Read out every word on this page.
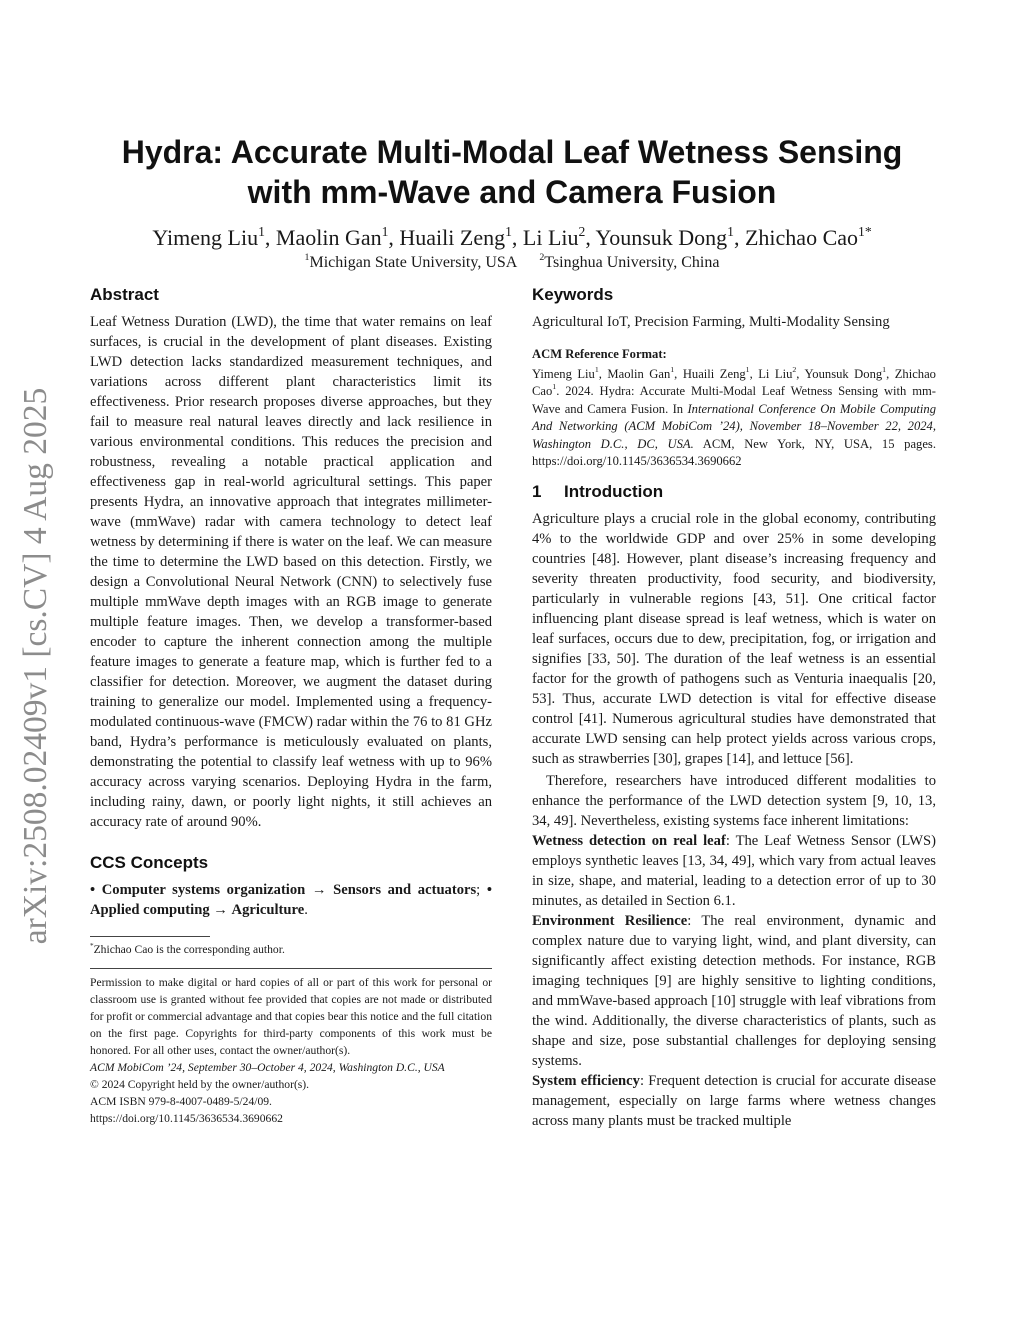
arXiv:2508.02409v1 [cs.CV] 4 Aug 2025
Hydra: Accurate Multi-Modal Leaf Wetness Sensing
with mm-Wave and Camera Fusion
Yimeng Liu$^1$, Maolin Gan$^1$, Huaili Zeng$^1$, Li Liu$^2$, Younsuk Dong$^1$, Zhichao Cao$^{1*}$
$^1$Michigan State University, USA $^2$Tsinghua University, China
Abstract

Leaf Wetness Duration (LWD), the time that water remains on leaf surfaces, is crucial in the development of plant diseases. Existing LWD detection lacks standardized measurement techniques, and variations across different plant characteristics limit its effectiveness. Prior research proposes diverse approaches, but they fail to measure real natural leaves directly and lack resilience in various environmental conditions. This reduces the precision and robustness, revealing a notable practical application and effectiveness gap in real-world agricultural settings. This paper presents Hydra, an innovative approach that integrates millimeter-wave (mmWave) radar with camera technology to detect leaf wetness by determining if there is water on the leaf. We can measure the time to determine the LWD based on this detection. Firstly, we design a Convolutional Neural Network (CNN) to selectively fuse multiple mmWave depth images with an RGB image to generate multiple feature images. Then, we develop a transformer-based encoder to capture the inherent connection among the multiple feature images to generate a feature map, which is further fed to a classifier for detection. Moreover, we augment the dataset during training to generalize our model. Implemented using a frequency-modulated continuous-wave (FMCW) radar within the 76 to 81 GHz band, Hydra’s performance is meticulously evaluated on plants, demonstrating the potential to classify leaf wetness with up to 96% accuracy across varying scenarios. Deploying Hydra in the farm, including rainy, dawn, or poorly light nights, it still achieves an accuracy rate of around 90%.

CCS Concepts

• Computer systems organization → Sensors and actuators; • Applied computing → Agriculture.

*Zhichao Cao is the corresponding author.

Permission to make digital or hard copies of all or part of this work for personal or classroom use is granted without fee provided that copies are not made or distributed for profit or commercial advantage and that copies bear this notice and the full citation on the first page. Copyrights for third-party components of this work must be honored. For all other uses, contact the owner/author(s).

ACM MobiCom ’24, September 30–October 4, 2024, Washington D.C., USA

© 2024 Copyright held by the owner/author(s).

ACM ISBN 979-8-4007-0489-5/24/09.

https://doi.org/10.1145/3636534.3690662

Keywords

Agricultural IoT, Precision Farming, Multi-Modality Sensing

ACM Reference Format:

Yimeng Liu$^1$, Maolin Gan$^1$, Huaili Zeng$^1$, Li Liu$^2$, Younsuk Dong$^1$, Zhichao Cao$^1$. 2024. Hydra: Accurate Multi-Modal Leaf Wetness Sensing with mm-Wave and Camera Fusion. In International Conference On Mobile Computing And Networking (ACM MobiCom ’24), November 18–November 22, 2024, Washington D.C., DC, USA. ACM, New York, NY, USA, 15 pages. https://doi.org/10.1145/3636534.3690662

1 Introduction

Agriculture plays a crucial role in the global economy, contributing 4% to the worldwide GDP and over 25% in some developing countries [48]. However, plant disease’s increasing frequency and severity threaten productivity, food security, and biodiversity, particularly in vulnerable regions [43, 51]. One critical factor influencing plant disease spread is leaf wetness, which is water on leaf surfaces, occurs due to dew, precipitation, fog, or irrigation and signifies [33, 50]. The duration of the leaf wetness is an essential factor for the growth of pathogens such as Venturia inaequalis [20, 53]. Thus, accurate LWD detection is vital for effective disease control [41]. Numerous agricultural studies have demonstrated that accurate LWD sensing can help protect yields across various crops, such as strawberries [30], grapes [14], and lettuce [56].

Therefore, researchers have introduced different modalities to enhance the performance of the LWD detection system [9, 10, 13, 34, 49]. Nevertheless, existing systems face inherent limitations:

Wetness detection on real leaf: The Leaf Wetness Sensor (LWS) employs synthetic leaves [13, 34, 49], which vary from actual leaves in size, shape, and material, leading to a detection error of up to 30 minutes, as detailed in Section 6.1.

Environment Resilience: The real environment, dynamic and complex nature due to varying light, wind, and plant diversity, can significantly affect existing detection methods. For instance, RGB imaging techniques [9] are highly sensitive to lighting conditions, and mmWave-based approach [10] struggle with leaf vibrations from the wind. Additionally, the diverse characteristics of plants, such as shape and size, pose substantial challenges for deploying sensing systems.

System efficiency: Frequent detection is crucial for accurate disease management, especially on large farms where wetness changes across many plants must be tracked multiple
